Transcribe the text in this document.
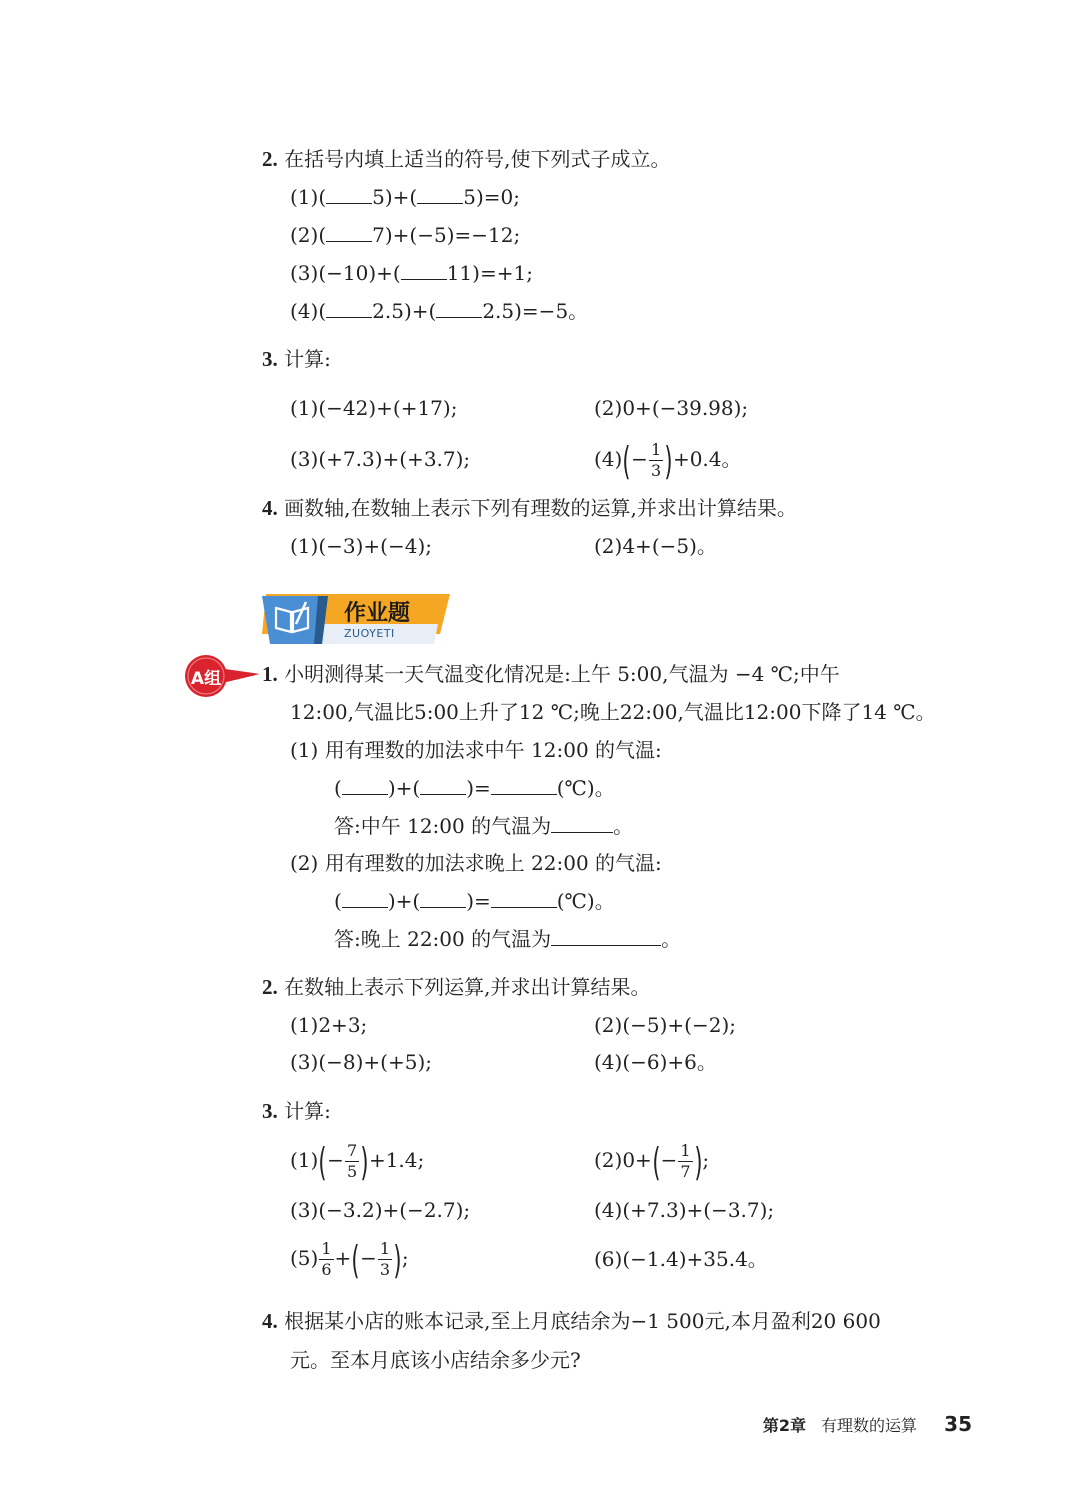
2. 在括号内填上适当的符号,使下列式子成立。
(1)( 5)+( 5)=0;
(2)( 7)+(−5)=−12;
(3)(−10)+( 11)=+1;
(4)( 2.5)+( 2.5)=−5。
3. 计算:
(1)(−42)+(+17);	(2)0+(−39.98);
(3)(+7.3)+(+3.7);	$(4)(- \frac{1}{3} )+0.4$。
4. 画数轴,在数轴上表示下列有理数的运算,并求出计算结果。
(1)(−3)+(−4);	(2)4+(−5)。
作业题
ZUOYETI
A组 1. 小明测得某一天气温变化情况是:上午 5:00,气温为 −4 ℃;中午
12:00,气温比5:00上升了12 ℃;晚上22:00,气温比12:00下降了14 ℃。
(1) 用有理数的加法求中午 12:00 的气温:
( )+( )=	(℃)。
答:中午 12:00 的气温为	。
(2) 用有理数的加法求晚上 22:00 的气温:
( )+( )=	(℃)。
答:晚上 22:00 的气温为	。
2. 在数轴上表示下列运算,并求出计算结果。
(1)2+3;	(2)(−5)+(−2);
(3)(−8)+(+5);	(4)(−6)+6。
3. 计算:
$(1)(- \frac{7}{5} )+1.4$;	$(2)0+(- \frac{1}{7}$ );
(3)(−3.2)+(−2.7);	(4)(+7.3)+(−3.7);
$(5) \frac{1}{6}$ +(− $\frac{1}{3}$ );	(6)(−1.4)+35.4。
4. 根据某小店的账本记录,至上月底结余为−1 500元,本月盈利20 600
元。至本月底该小店结余多少元?
第2章 有理数的运算 35
